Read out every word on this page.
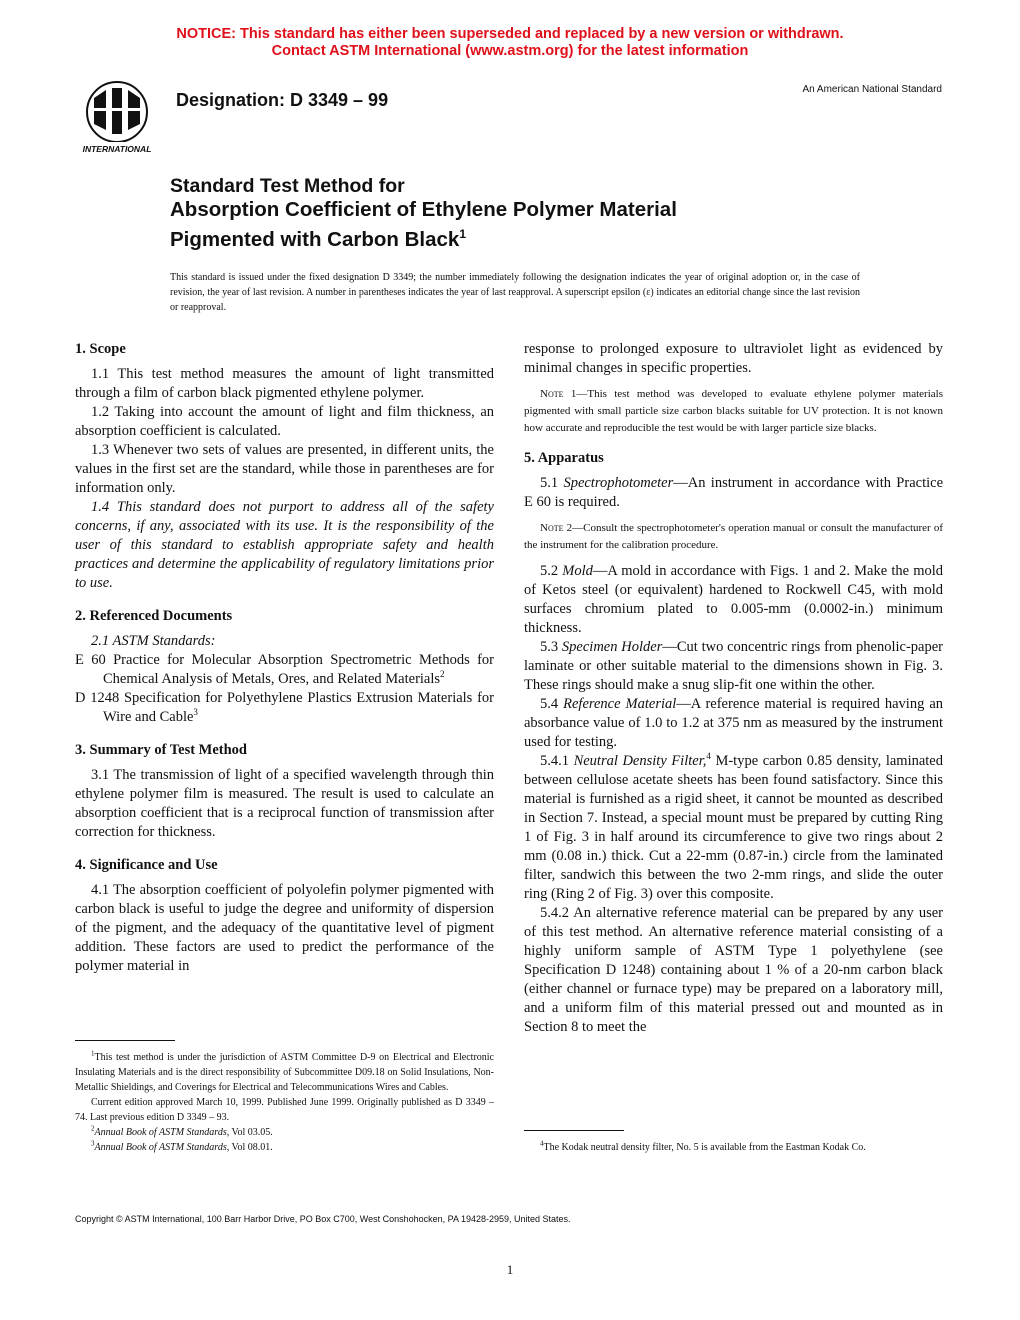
NOTICE: This standard has either been superseded and replaced by a new version or withdrawn.
Contact ASTM International (www.astm.org) for the latest information
INTERNATIONAL
Designation: D 3349 – 99
An American National Standard
Standard Test Method for
Absorption Coefficient of Ethylene Polymer Material
Pigmented with Carbon Black$^1$
This standard is issued under the fixed designation D 3349; the number immediately following the designation indicates the year of original adoption or, in the case of revision, the year of last revision. A number in parentheses indicates the year of last reapproval. A superscript epsilon (ε) indicates an editorial change since the last revision or reapproval.
1. Scope

1.1 This test method measures the amount of light transmitted through a film of carbon black pigmented ethylene polymer.

1.2 Taking into account the amount of light and film thickness, an absorption coefficient is calculated.

1.3 Whenever two sets of values are presented, in different units, the values in the first set are the standard, while those in parentheses are for information only.

1.4 This standard does not purport to address all of the safety concerns, if any, associated with its use. It is the responsibility of the user of this standard to establish appropriate safety and health practices and determine the applicability of regulatory limitations prior to use.

2. Referenced Documents

2.1 ASTM Standards:

E 60 Practice for Molecular Absorption Spectrometric Methods for Chemical Analysis of Metals, Ores, and Related Materials$^2$

D 1248 Specification for Polyethylene Plastics Extrusion Materials for Wire and Cable$^3$

3. Summary of Test Method

3.1 The transmission of light of a specified wavelength through thin ethylene polymer film is measured. The result is used to calculate an absorption coefficient that is a reciprocal function of transmission after correction for thickness.

4. Significance and Use

4.1 The absorption coefficient of polyolefin polymer pigmented with carbon black is useful to judge the degree and uniformity of dispersion of the pigment, and the adequacy of the quantitative level of pigment addition. These factors are used to predict the performance of the polymer material in

response to prolonged exposure to ultraviolet light as evidenced by minimal changes in specific properties.

Note 1—This test method was developed to evaluate ethylene polymer materials pigmented with small particle size carbon blacks suitable for UV protection. It is not known how accurate and reproducible the test would be with larger particle size blacks.

5. Apparatus

5.1 Spectrophotometer—An instrument in accordance with Practice E 60 is required.

Note 2—Consult the spectrophotometer's operation manual or consult the manufacturer of the instrument for the calibration procedure.

5.2 Mold—A mold in accordance with Figs. 1 and 2. Make the mold of Ketos steel (or equivalent) hardened to Rockwell C45, with mold surfaces chromium plated to 0.005-mm (0.0002-in.) minimum thickness.

5.3 Specimen Holder—Cut two concentric rings from phenolic-paper laminate or other suitable material to the dimensions shown in Fig. 3. These rings should make a snug slip-fit one within the other.

5.4 Reference Material—A reference material is required having an absorbance value of 1.0 to 1.2 at 375 nm as measured by the instrument used for testing.

5.4.1 Neutral Density Filter,$^4$ M-type carbon 0.85 density, laminated between cellulose acetate sheets has been found satisfactory. Since this material is furnished as a rigid sheet, it cannot be mounted as described in Section 7. Instead, a special mount must be prepared by cutting Ring 1 of Fig. 3 in half around its circumference to give two rings about 2 mm (0.08 in.) thick. Cut a 22-mm (0.87-in.) circle from the laminated filter, sandwich this between the two 2-mm rings, and slide the outer ring (Ring 2 of Fig. 3) over this composite.

5.4.2 An alternative reference material can be prepared by any user of this test method. An alternative reference material consisting of a highly uniform sample of ASTM Type 1 polyethylene (see Specification D 1248) containing about 1 % of a 20-nm carbon black (either channel or furnace type) may be prepared on a laboratory mill, and a uniform film of this material pressed out and mounted as in Section 8 to meet the

$^1$This test method is under the jurisdiction of ASTM Committee D-9 on Electrical and Electronic Insulating Materials and is the direct responsibility of Subcommittee D09.18 on Solid Insulations, Non-Metallic Shieldings, and Coverings for Electrical and Telecommunications Wires and Cables.

Current edition approved March 10, 1999. Published June 1999. Originally published as D 3349 – 74. Last previous edition D 3349 – 93.

$^2$Annual Book of ASTM Standards, Vol 03.05.

$^3$Annual Book of ASTM Standards, Vol 08.01.	$^4$The Kodak neutral density filter, No. 5 is available from the Eastman Kodak Co.

Copyright © ASTM International, 100 Barr Harbor Drive, PO Box C700, West Conshohocken, PA 19428-2959, United States.
1
